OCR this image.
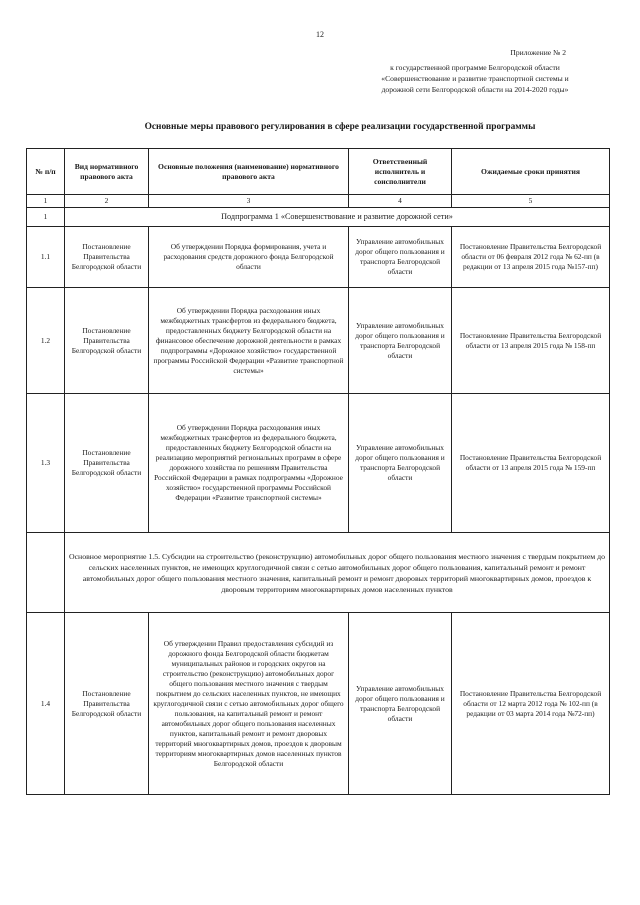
12
Приложение № 2
к государственной программе Белгородской области
«Совершенствование и развитие транспортной системы и
дорожной сети Белгородской области на 2014-2020 годы»
Основные меры правового регулирования в сфере реализации государственной программы
№ п/п	Вид нормативного правового акта	Основные положения (наименование) нормативного правового акта	Ответственный исполнитель и соисполнители	Ожидаемые сроки принятия
1	2	3	4	5
1	Подпрограмма 1 «Совершенствование и развитие дорожной сети»			
1.1	Постановление Правительства Белгородской области	Об утверждении Порядка формирования, учета и расходования средств дорожного фонда Белгородской области	Управление автомобильных дорог общего пользования и транспорта Белгородской области	Постановление Правительства Белгородской области от 06 февраля 2012 года № 62-пп (в редакции от 13 апреля 2015 года №157-пп)
1.2	Постановление Правительства Белгородской области	Об утверждении Порядка расходования иных межбюджетных трансфертов из федерального бюджета, предоставленных бюджету Белгородской области на финансовое обеспечение дорожной деятельности в рамках подпрограммы «Дорожное хозяйство» государственной программы Российской Федерации «Развитие транспортной системы»	Управление автомобильных дорог общего пользования и транспорта Белгородской области	Постановление Правительства Белгородской области от 13 апреля 2015 года № 158-пп
1.3	Постановление Правительства Белгородской области	Об утверждении Порядка расходования иных межбюджетных трансфертов из федерального бюджета, предоставленных бюджету Белгородской области на реализацию мероприятий региональных программ в сфере дорожного хозяйства по решениям Правительства Российской Федерации в рамках подпрограммы «Дорожное хозяйство» государственной программы Российской Федерации «Развитие транспортной системы»	Управление автомобильных дорог общего пользования и транспорта Белгородской области	Постановление Правительства Белгородской области от 13 апреля 2015 года № 159-пп
	Основное мероприятие 1.5. Субсидии на строительство (реконструкцию) автомобильных дорог общего пользования местного значения с твердым покрытием до сельских населенных пунктов, не имеющих круглогодичной связи с сетью автомобильных дорог общего пользования, капитальный ремонт и ремонт автомобильных дорог общего пользования местного значения, капитальный ремонт и ремонт дворовых территорий многоквартирных домов, проездов к дворовым территориям многоквартирных домов населенных пунктов			
1.4	Постановление Правительства Белгородской области	Об утверждении Правил предоставления субсидий из дорожного фонда Белгородской области бюджетам муниципальных районов и городских округов на строительство (реконструкцию) автомобильных дорог общего пользования местного значения с твердым покрытием до сельских населенных пунктов, не имеющих круглогодичной связи с сетью автомобильных дорог общего пользования, на капитальный ремонт и ремонт автомобильных дорог общего пользования населенных пунктов, капитальный ремонт и ремонт дворовых территорий многоквартирных домов, проездов к дворовым территориям многоквартирных домов населенных пунктов Белгородской области	Управление автомобильных дорог общего пользования и транспорта Белгородской области	Постановление Правительства Белгородской области от 12 марта 2012 года № 102-пп (в редакции от 03 марта 2014 года №72-пп)
